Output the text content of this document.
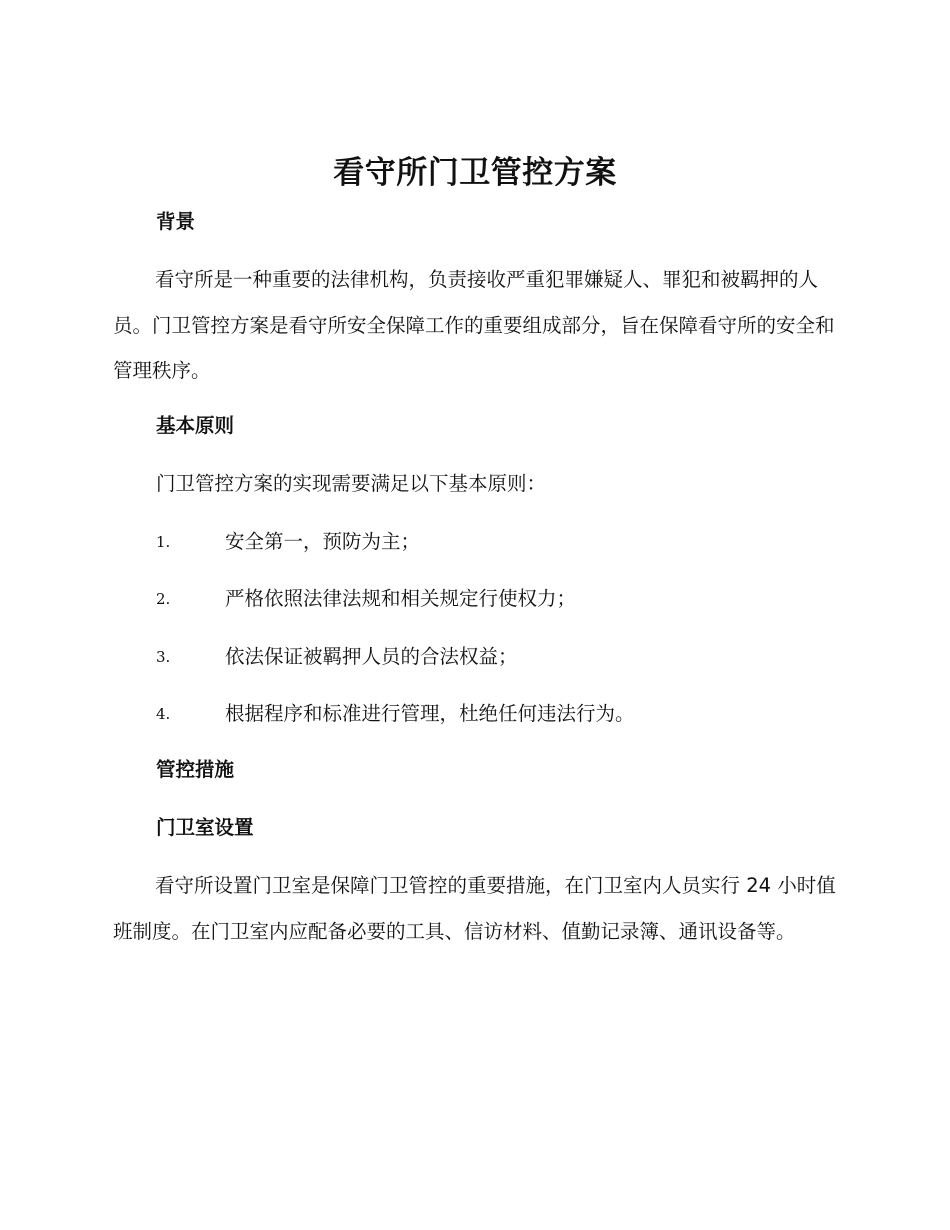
看守所门卫管控方案
背景

看守所是一种重要的法律机构，负责接收严重犯罪嫌疑人、罪犯和被羁押的人员。门卫管控方案是看守所安全保障工作的重要组成部分，旨在保障看守所的安全和管理秩序。

基本原则

门卫管控方案的实现需要满足以下基本原则：

1.	安全第一，预防为主；
2.	严格依照法律法规和相关规定行使权力；
3.	依法保证被羁押人员的合法权益；
4.	根据程序和标准进行管理，杜绝任何违法行为。
管控措施
门卫室设置

看守所设置门卫室是保障门卫管控的重要措施，在门卫室内人员实行 24 小时值班制度。在门卫室内应配备必要的工具、信访材料、值勤记录簿、通讯设备等。
